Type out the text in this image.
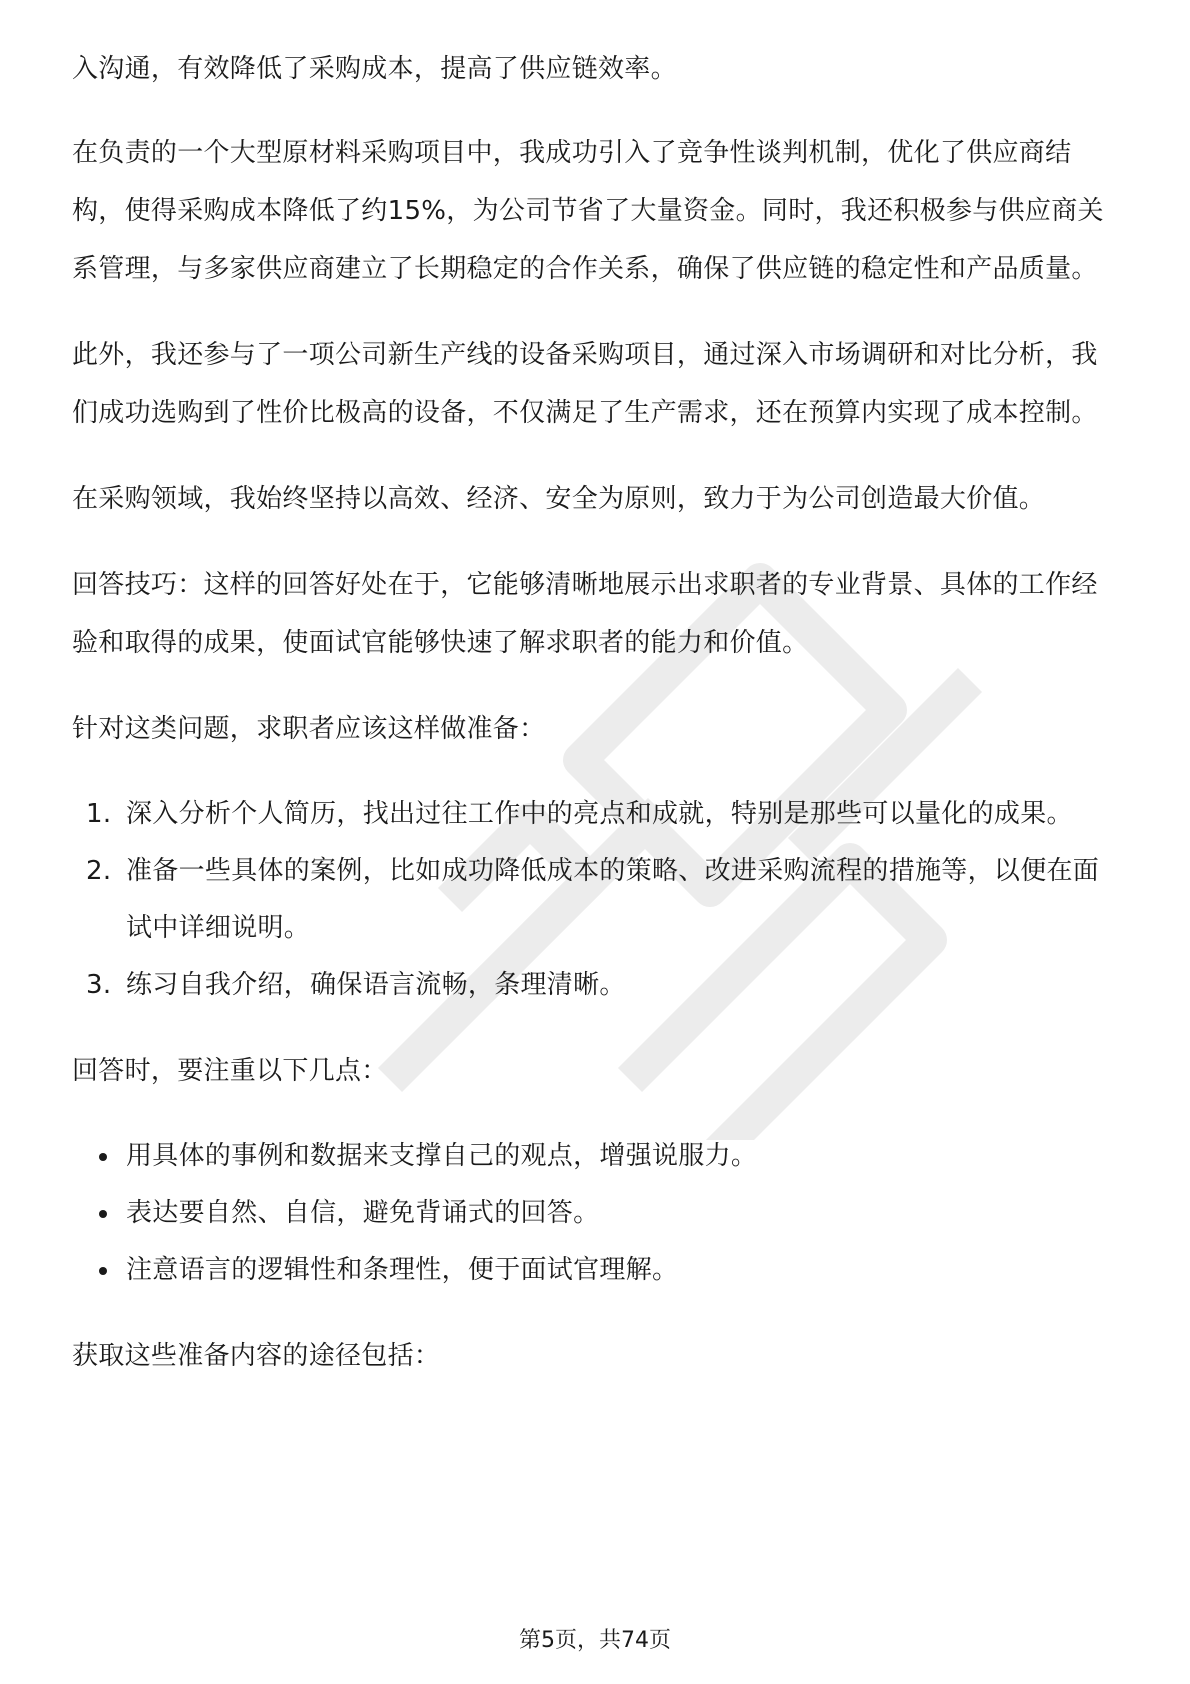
入沟通，有效降低了采购成本，提高了供应链效率。

在负责的一个大型原材料采购项目中，我成功引入了竞争性谈判机制，优化了供应商结构，使得采购成本降低了约15%，为公司节省了大量资金。同时，我还积极参与供应商关系管理，与多家供应商建立了长期稳定的合作关系，确保了供应链的稳定性和产品质量。

此外，我还参与了一项公司新生产线的设备采购项目，通过深入市场调研和对比分析，我们成功选购到了性价比极高的设备，不仅满足了生产需求，还在预算内实现了成本控制。

在采购领域，我始终坚持以高效、经济、安全为原则，致力于为公司创造最大价值。

回答技巧：这样的回答好处在于，它能够清晰地展示出求职者的专业背景、具体的工作经验和取得的成果，使面试官能够快速了解求职者的能力和价值。

针对这类问题，求职者应该这样做准备：

1. 深入分析个人简历，找出过往工作中的亮点和成就，特别是那些可以量化的成果。
2. 准备一些具体的案例，比如成功降低成本的策略、改进采购流程的措施等，以便在面试中详细说明。
3. 练习自我介绍，确保语言流畅，条理清晰。

回答时，要注重以下几点：

用具体的事例和数据来支撑自己的观点，增强说服力。
表达要自然、自信，避免背诵式的回答。
注意语言的逻辑性和条理性，便于面试官理解。

获取这些准备内容的途径包括：

第5页，共74页
